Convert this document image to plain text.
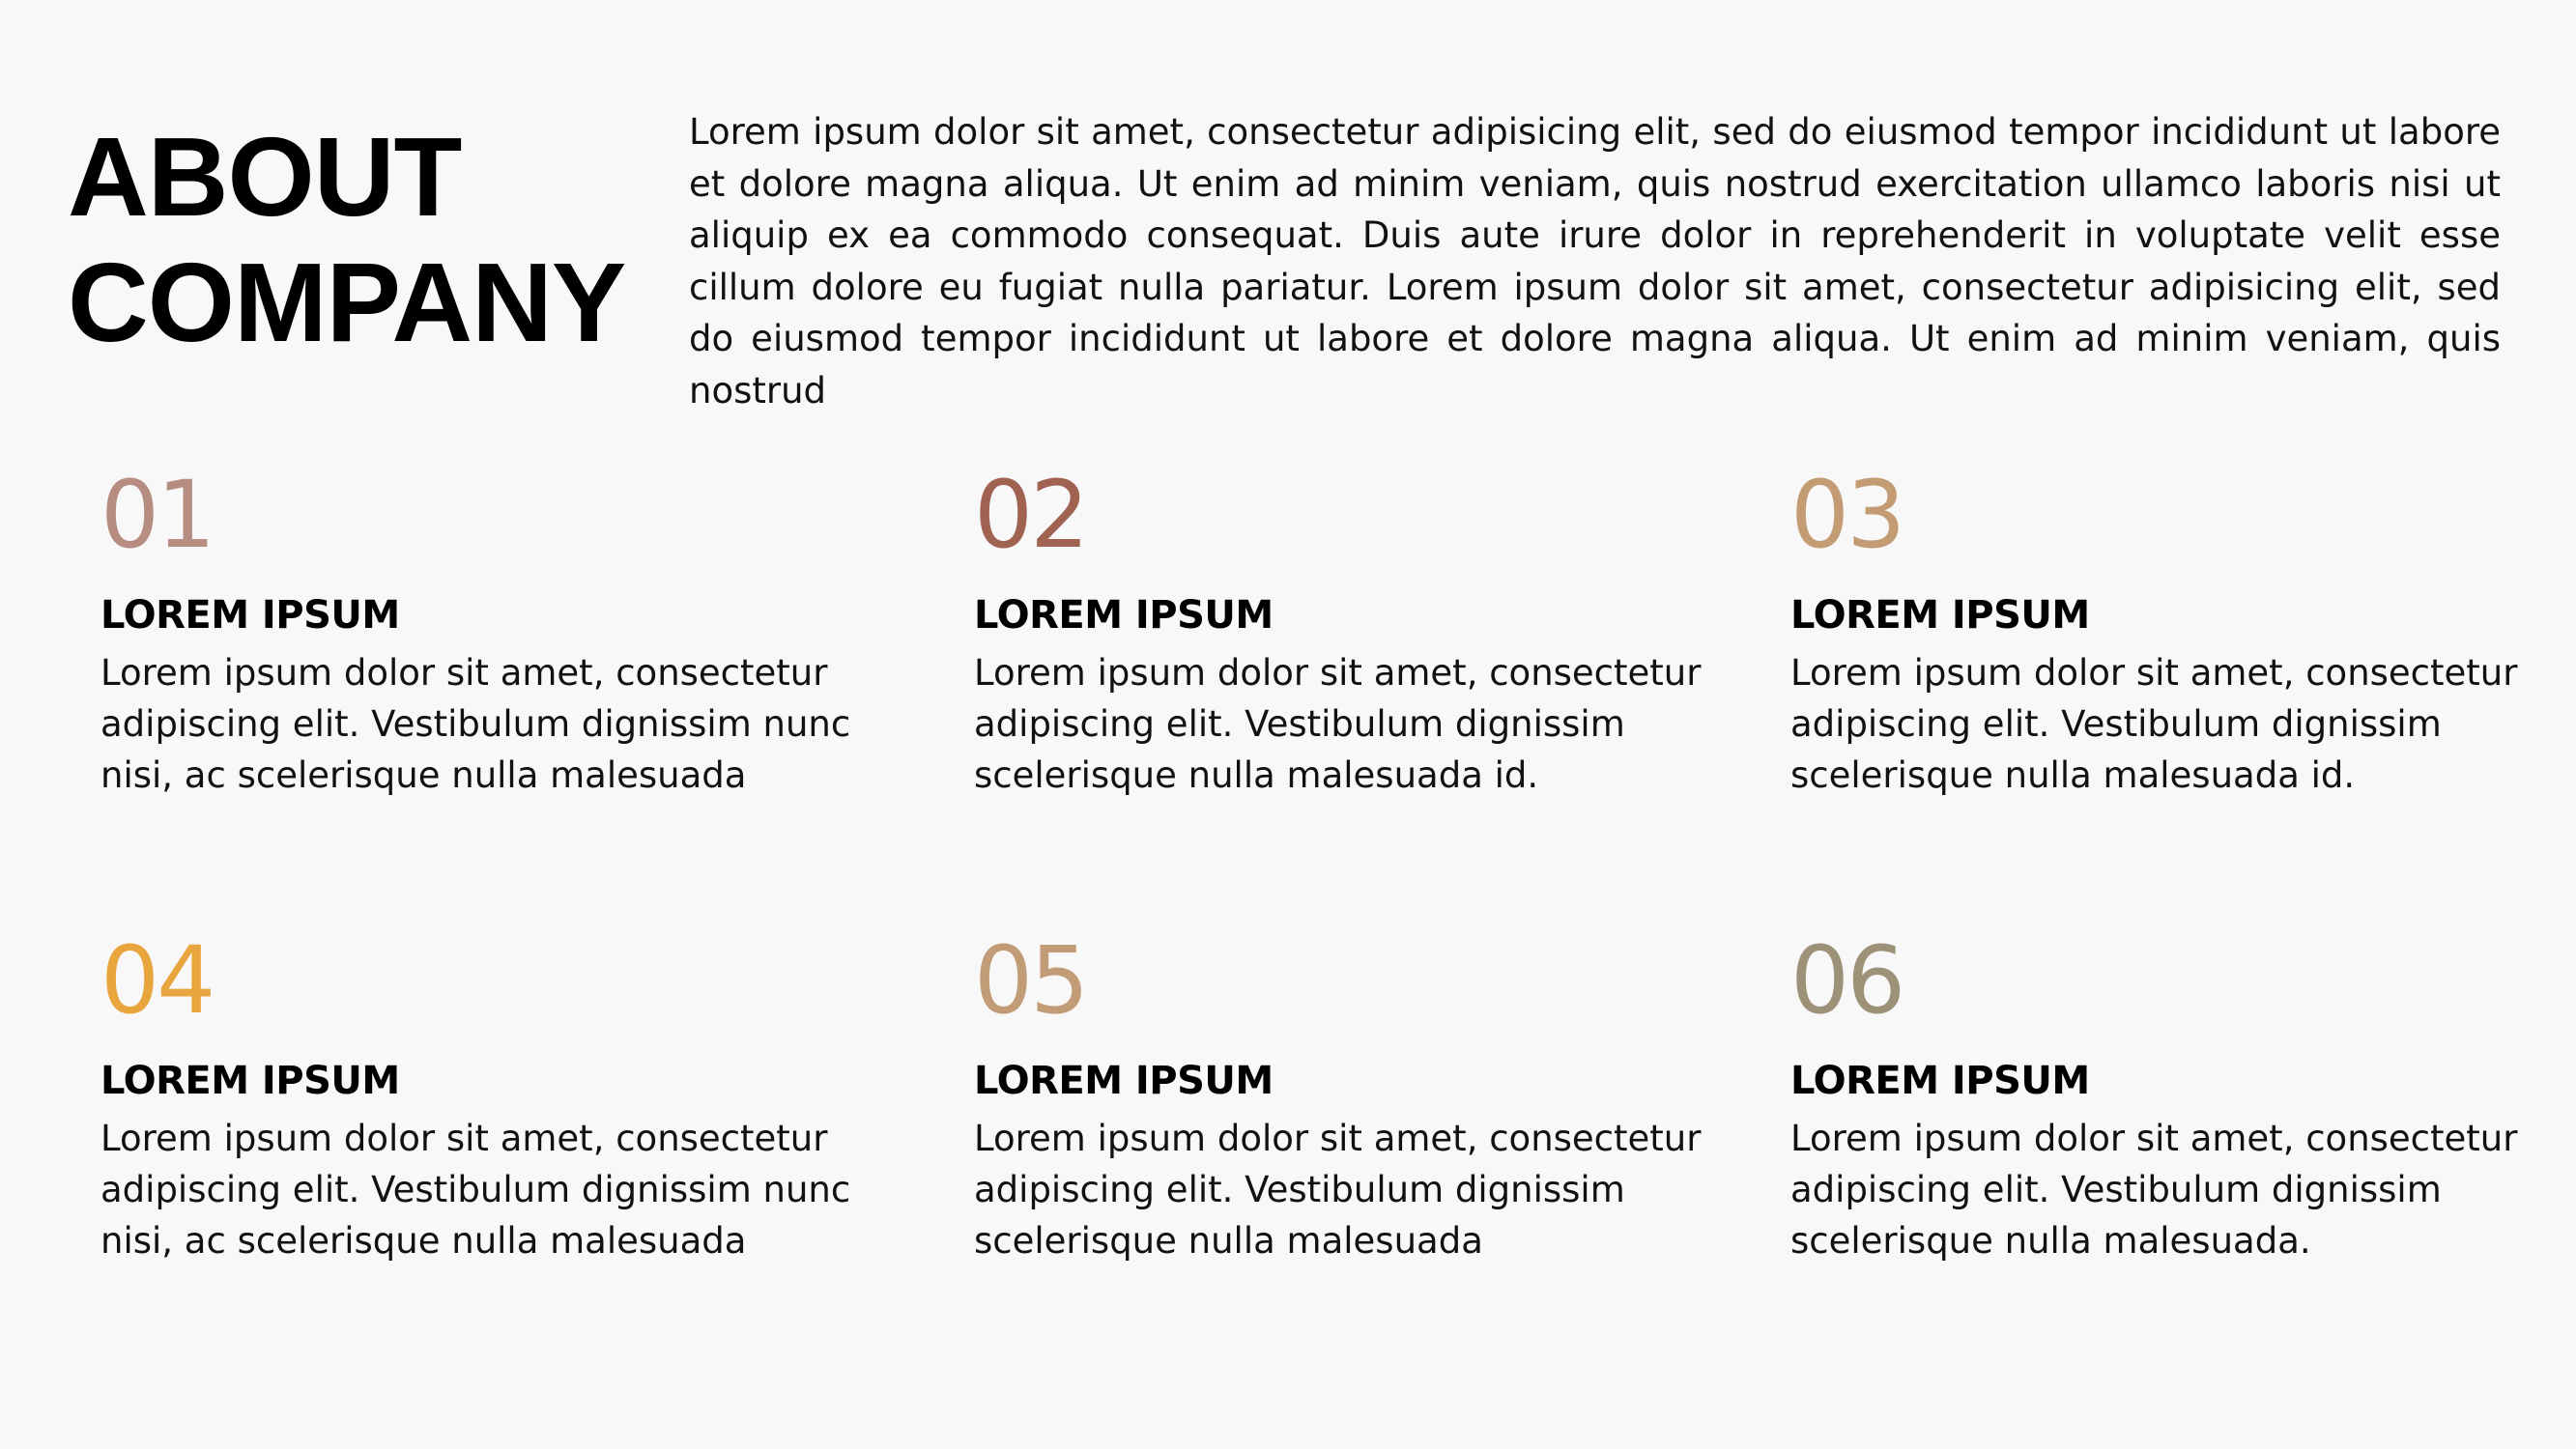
ABOUT
COMPANY

Lorem ipsum dolor sit amet, consectetur adipisicing elit, sed do eiusmod tempor incididunt ut labore et dolore magna aliqua. Ut enim ad minim veniam, quis nostrud exercitation ullamco laboris nisi ut aliquip ex ea commodo consequat. Duis aute irure dolor in reprehenderit in voluptate velit esse cillum dolore eu fugiat nulla pariatur. Lorem ipsum dolor sit amet, consectetur adipisicing elit, sed do eiusmod tempor incididunt ut labore et dolore magna aliqua. Ut enim ad minim veniam, quis nostrud

01
LOREM IPSUM
Lorem ipsum dolor sit amet, consectetur
adipiscing elit. Vestibulum dignissim nunc
nisi, ac scelerisque nulla malesuada
02
LOREM IPSUM
Lorem ipsum dolor sit amet, consectetur
adipiscing elit. Vestibulum dignissim
scelerisque nulla malesuada id.
03
LOREM IPSUM
Lorem ipsum dolor sit amet, consectetur
adipiscing elit. Vestibulum dignissim
scelerisque nulla malesuada id.
04
LOREM IPSUM
Lorem ipsum dolor sit amet, consectetur
adipiscing elit. Vestibulum dignissim nunc
nisi, ac scelerisque nulla malesuada
05
LOREM IPSUM
Lorem ipsum dolor sit amet, consectetur
adipiscing elit. Vestibulum dignissim
scelerisque nulla malesuada
06
LOREM IPSUM
Lorem ipsum dolor sit amet, consectetur
adipiscing elit. Vestibulum dignissim
scelerisque nulla malesuada.
